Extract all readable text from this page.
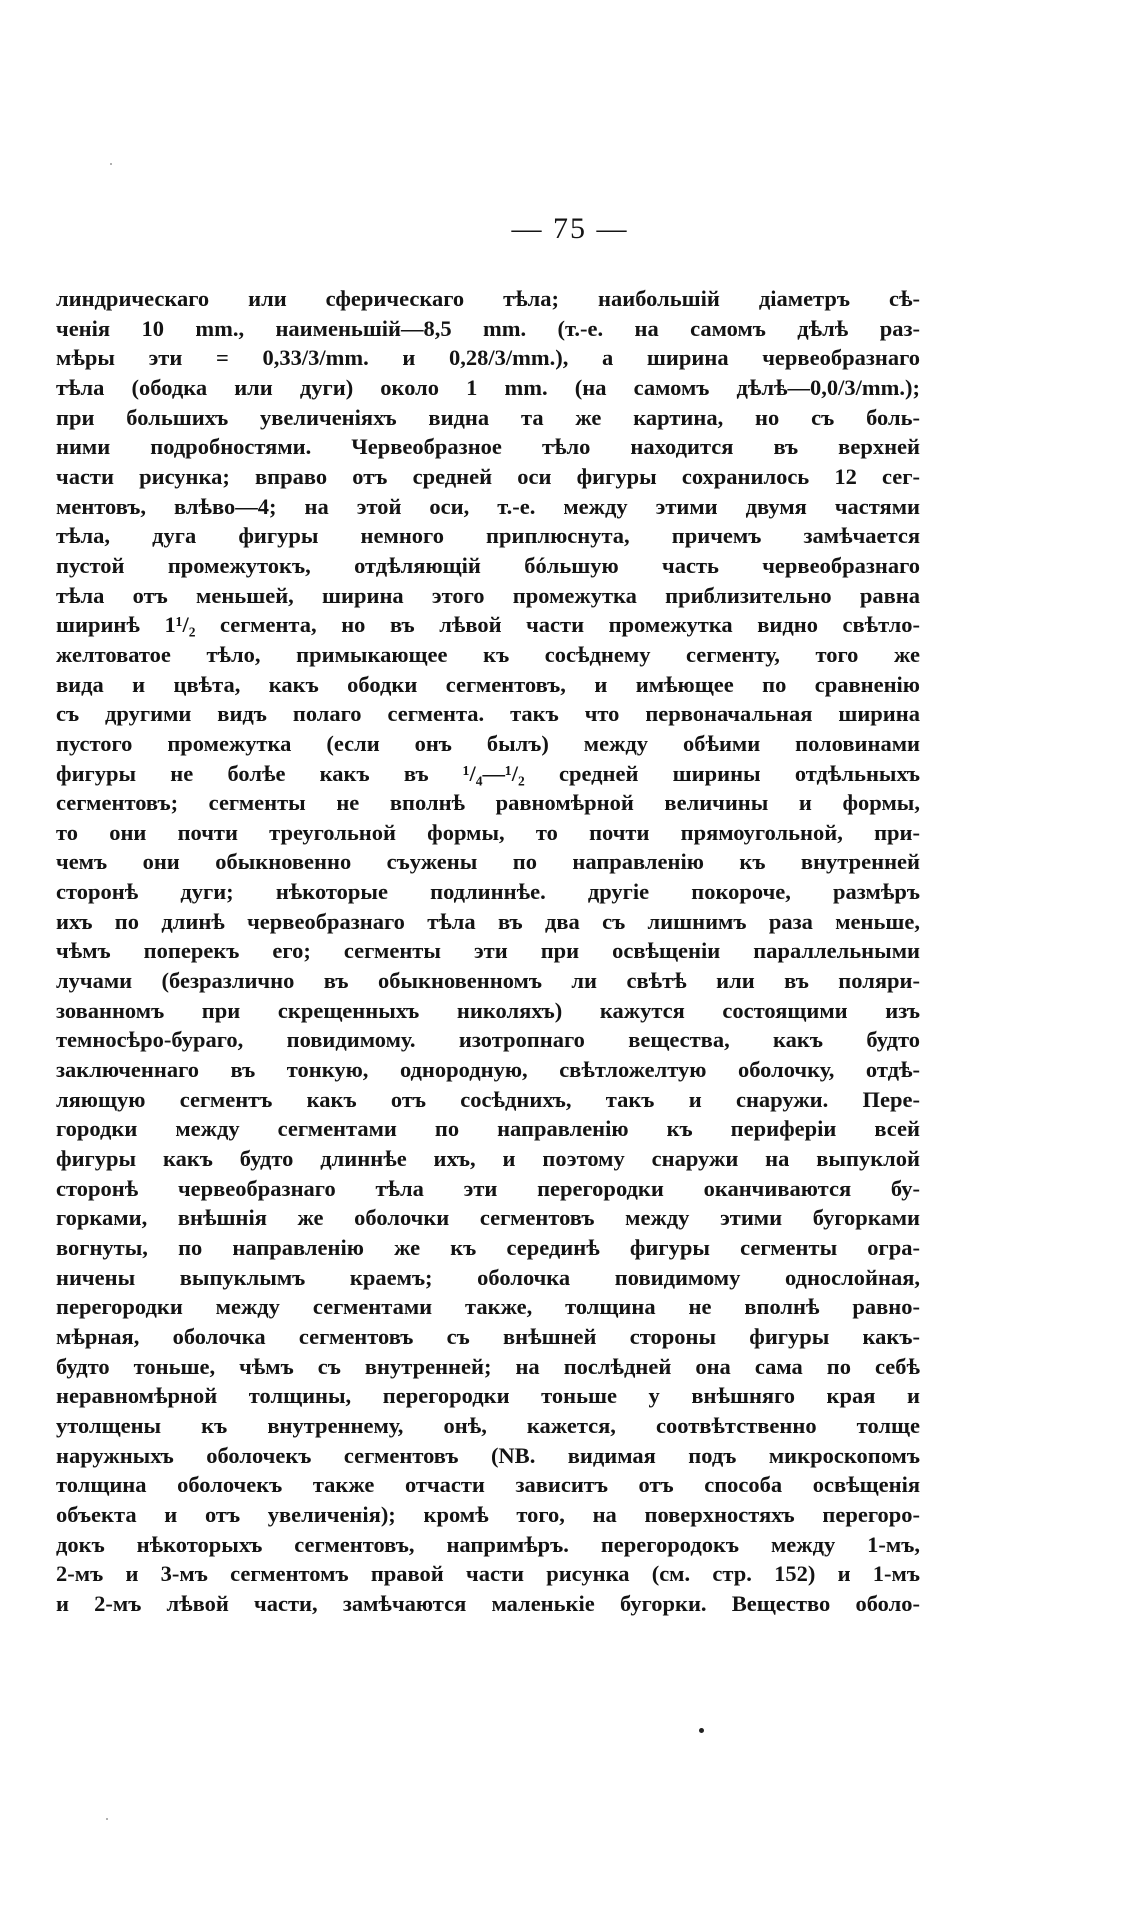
— 75 —
линдрическаго или сферическаго тѣла; наибольшій діаметръ сѣ-
ченія 10 mm., наименьшій—8,5 mm. (т.-е. на самомъ дѣлѣ раз-
мѣры эти = 0,33/3/mm. и 0,28/3/mm.), а ширина червеобразнаго
тѣла (ободка или дуги) около 1 mm. (на самомъ дѣлѣ—0,0/3/mm.);
при большихъ увеличеніяхъ видна та же картина, но съ боль-
ними подробностями. Червеобразное тѣло находится въ верхней
части рисунка; вправо отъ средней оси фигуры сохранилось 12 сег-
ментовъ, влѣво—4; на этой оси, т.-е. между этими двумя частями
тѣла, дуга фигуры немного приплюснута, причемъ замѣчается
пустой промежутокъ, отдѣляющій бóльшую часть червеобразнаго
тѣла отъ меньшей, ширина этого промежутка приблизительно равна
ширинѣ 1¹/₂ сегмента, но въ лѣвой части промежутка видно свѣтло-
желтоватое тѣло, примыкающее къ сосѣднему сегменту, того же
вида и цвѣта, какъ ободки сегментовъ, и имѣющее по сравненію
съ другими видъ полаго сегмента. такъ что первоначальная ширина
пустого промежутка (если онъ былъ) между обѣими половинами
фигуры не болѣе какъ въ ¹/₄—¹/₂ средней ширины отдѣльныхъ
сегментовъ; сегменты не вполнѣ равномѣрной величины и формы,
то они почти треугольной формы, то почти прямоугольной, при-
чемъ они обыкновенно съужены по направленію къ внутренней
сторонѣ дуги; нѣкоторые подлиннѣе. другіе покороче, размѣръ
ихъ по длинѣ червеобразнаго тѣла въ два съ лишнимъ раза меньше,
чѣмъ поперекъ его; сегменты эти при освѣщеніи параллельными
лучами (безразлично въ обыкновенномъ ли свѣтѣ или въ поляри-
зованномъ при скрещенныхъ николяхъ) кажутся состоящими изъ
темносѣро-бураго, повидимому. изотропнаго вещества, какъ будто
заключеннаго въ тонкую, однородную, свѣтложелтую оболочку, отдѣ-
ляющую сегментъ какъ отъ сосѣднихъ, такъ и снаружи. Пере-
городки между сегментами по направленію къ периферіи всей
фигуры какъ будто длиннѣе ихъ, и поэтому снаружи на выпуклой
сторонѣ червеобразнаго тѣла эти перегородки оканчиваются бу-
горками, внѣшнія же оболочки сегментовъ между этими бугорками
вогнуты, по направленію же къ серединѣ фигуры сегменты огра-
ничены выпуклымъ краемъ; оболочка повидимому однослойная,
перегородки между сегментами также, толщина не вполнѣ равно-
мѣрная, оболочка сегментовъ съ внѣшней стороны фигуры какъ-
будто тоньше, чѣмъ съ внутренней; на послѣдней она сама по себѣ
неравномѣрной толщины, перегородки тоньше у внѣшняго края и
утолщены къ внутреннему, онѣ, кажется, соотвѣтственно толще
наружныхъ оболочекъ сегментовъ (NB. видимая подъ микроскопомъ
толщина оболочекъ также отчасти зависитъ отъ способа освѣщенія
объекта и отъ увеличенія); кромѣ того, на поверхностяхъ перегоро-
докъ нѣкоторыхъ сегментовъ, напримѣръ. перегородокъ между 1-мъ,
2-мъ и 3-мъ сегментомъ правой части рисунка (см. стр. 152) и 1-мъ
и 2-мъ лѣвой части, замѣчаются маленькіе бугорки. Вещество оболо-
